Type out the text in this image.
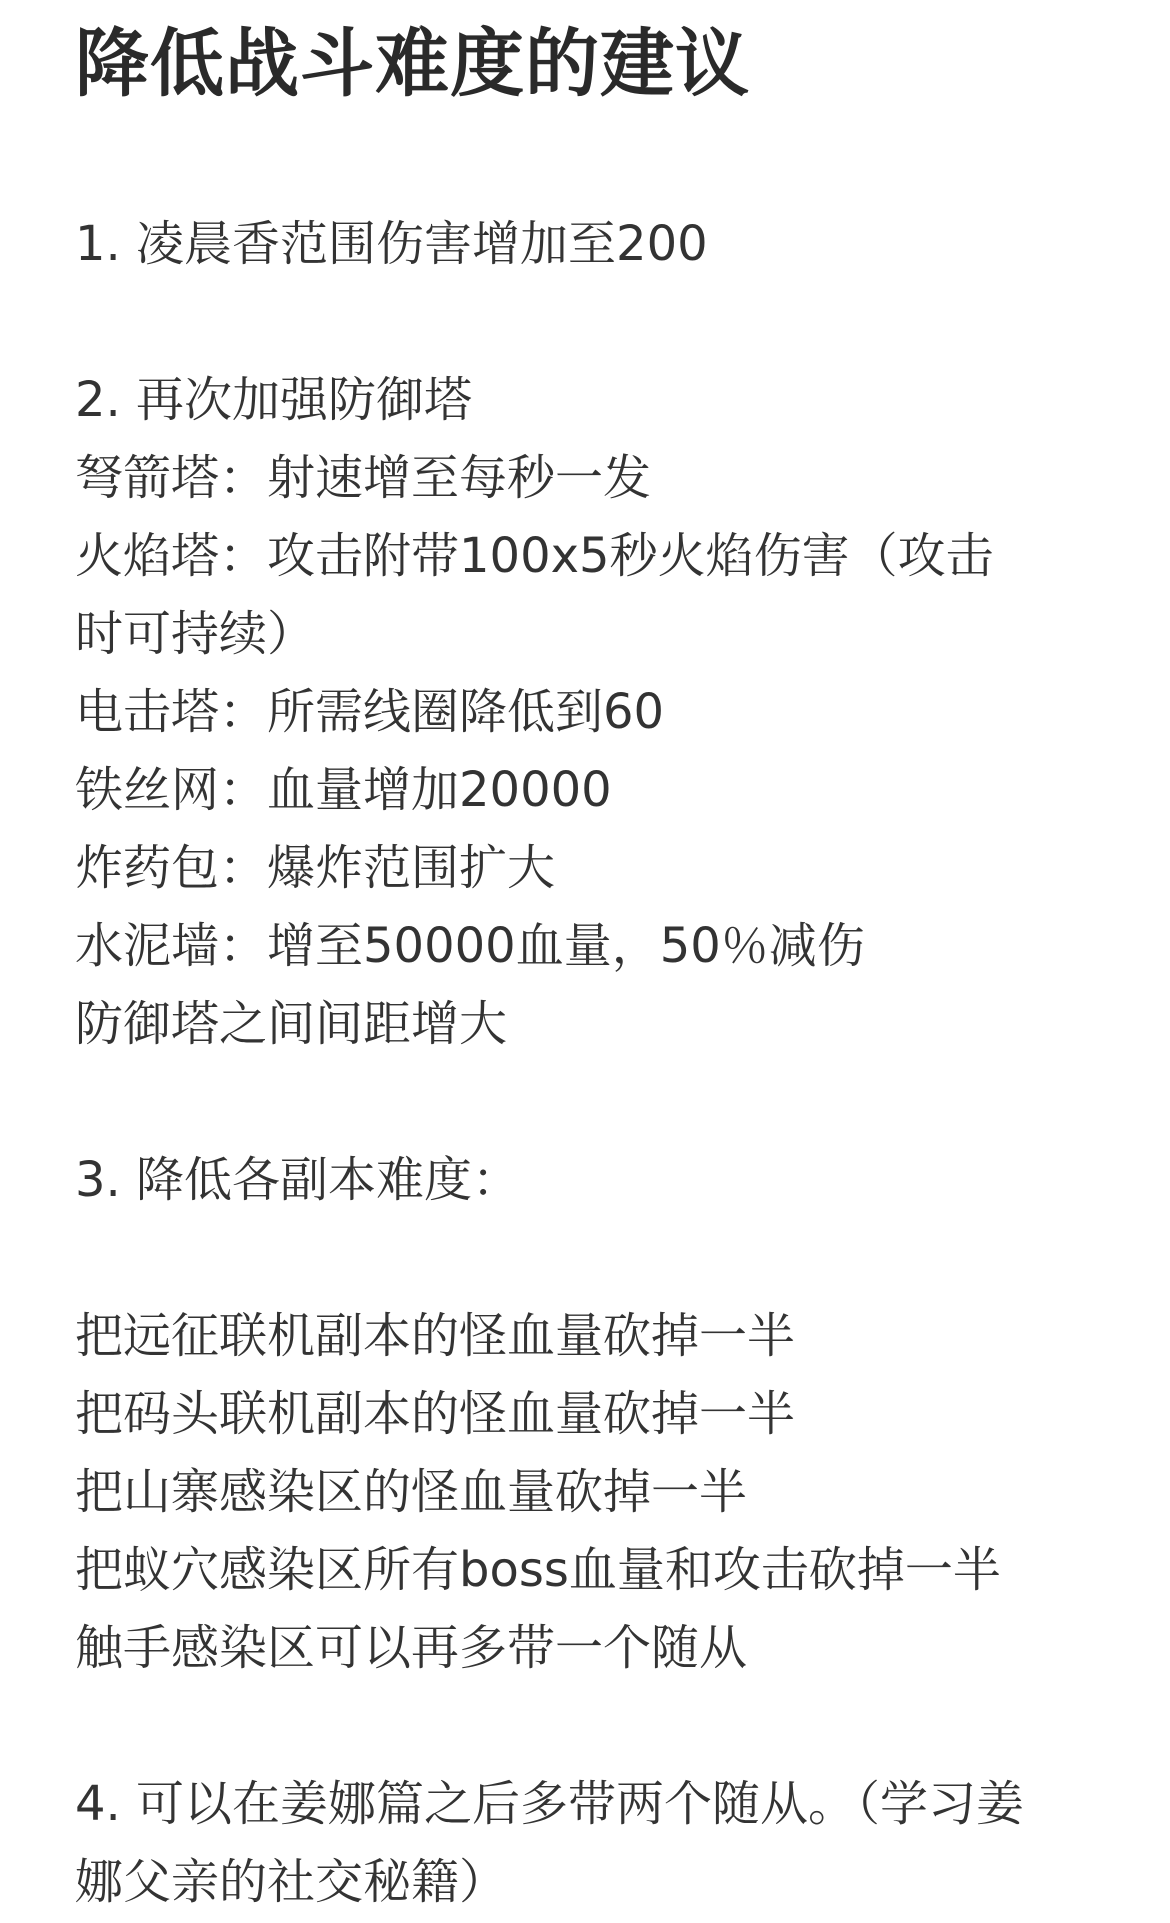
降低战斗难度的建议
1. 凌晨香范围伤害增加至200
2. 再次加强防御塔
弩箭塔：射速增至每秒一发
火焰塔：攻击附带100x5秒火焰伤害（攻击
时可持续）
电击塔：所需线圈降低到60
铁丝网：血量增加20000
炸药包：爆炸范围扩大
水泥墙：增至50000血量，50％减伤
防御塔之间间距增大
3. 降低各副本难度：
把远征联机副本的怪血量砍掉一半
把码头联机副本的怪血量砍掉一半
把山寨感染区的怪血量砍掉一半
把蚁穴感染区所有boss血量和攻击砍掉一半
触手感染区可以再多带一个随从
4. 可以在姜娜篇之后多带两个随从。（学习姜
娜父亲的社交秘籍）
